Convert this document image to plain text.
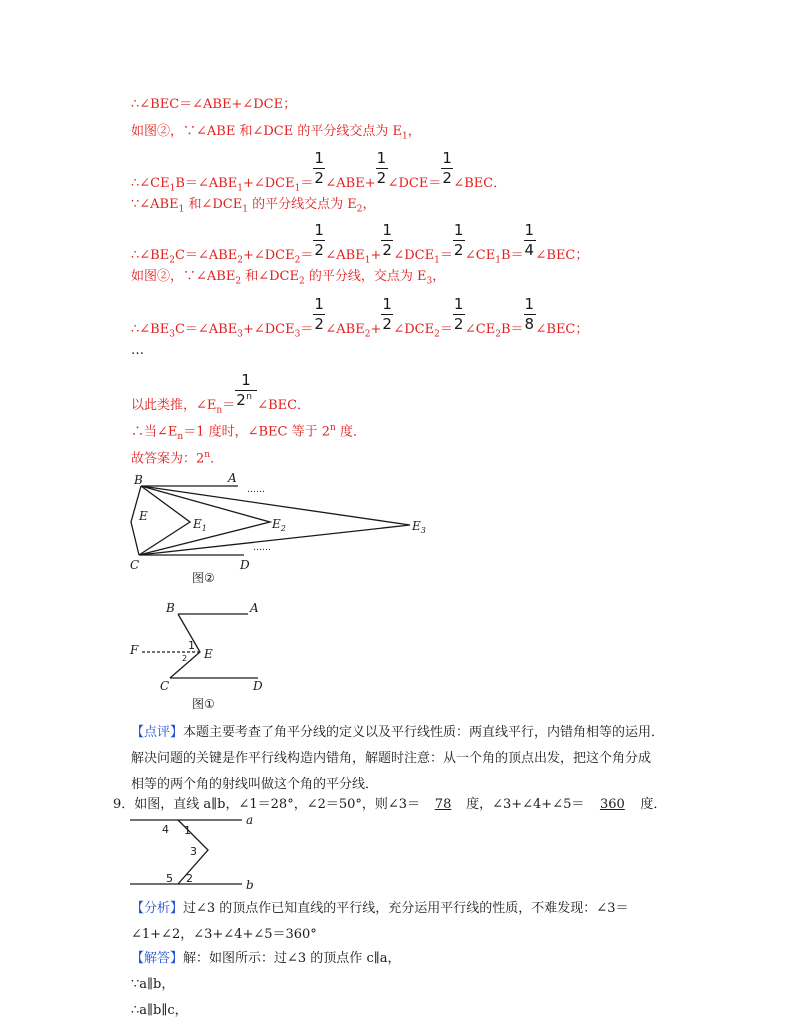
∴∠BEC＝∠ABE+∠DCE；
如图②，∵∠ABE 和∠DCE 的平分线交点为 $E_1$，
$\therefore\angle CE_1B=\angle ABE_1+\angle DCE_1= \frac{1}{2}$ ∠ABE+ $\frac{1}{2}$ ∠DCE＝ $\frac{1}{2}$ ∠BEC．
$\because\angle ABE_1$ 和$\angle DCE_1$ 的平分线交点为 $E_2$，
$\therefore\angle BE_2C=\angle ABE_2+\angle DCE_2= \frac{1}{2}$ $\angle ABE_1+ \frac{1}{2}$ $\angle DCE_1= \frac{1}{2}$ $\angle CE_1B= \frac{1}{4}$ ∠BEC；
如图②，$\because\angle ABE_2$ 和$\angle DCE_2$ 的平分线，交点为 $E_3$，
$\therefore\angle BE_3C=\angle ABE_3+\angle DCE_3= \frac{1}{2}$ $\angle ABE_2+ \frac{1}{2}$ $\angle DCE_2= \frac{1}{2}$ $\angle CE_2B= \frac{1}{8}$ ∠BEC；
…
以此类推，$\angle E_n=$
1
2 n
∠BEC．
∴当$\angle E_n=1$ 度时，∠BEC 等于 2$^n$ 度．
故答案为：2$^n$．
B	A
……
E
$E_1$	$E_2$	$E_3$
……
C	D
图②
B	A
F	1
2 E
C	D
图①
【点评】本题主要考查了角平分线的定义以及平行线性质：两直线平行，内错角相等的运用．
解决问题的关键是作平行线构造内错角，解题时注意：从一个角的顶点出发，把这个角分成
相等的两个角的射线叫做这个角的平分线．
9．如图，直线 a∥b，∠1＝28°，∠2＝50°，则∠3＝ 78 度，∠3+∠4+∠5＝ 360 度．
a
b
4 1
3
5 2
【分析】过∠3 的顶点作已知直线的平行线，充分运用平行线的性质，不难发现：∠3＝
∠1+∠2，∠3+∠4+∠5＝360°
【解答】解：如图所示：过∠3 的顶点作 c∥a，
∵a∥b，
∴a∥b∥c，
